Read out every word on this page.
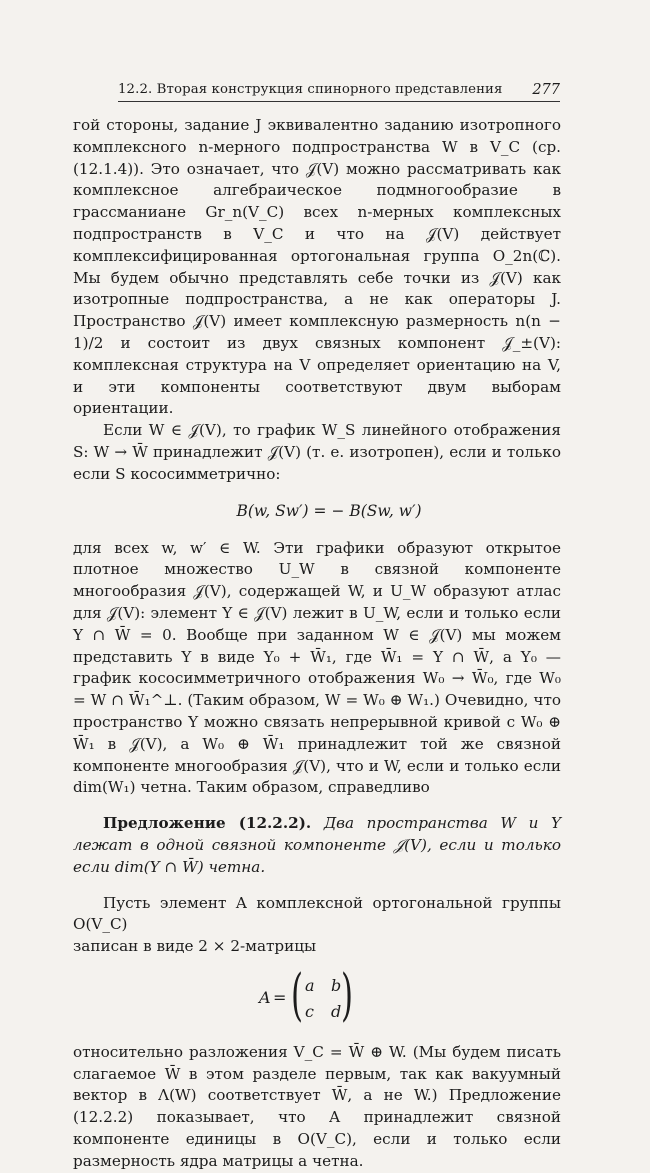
12.2. Вторая конструкция спинорного представления 277

гой стороны, задание J эквивалентно заданию изотропного комплексного n-мерного подпространства W в V_C (ср. (12.1.4)). Это означает, что 𝒥(V) можно рассматривать как комплексное алгебраическое подмногообразие в грассманиане Gr_n(V_C) всех n-мерных комплексных подпространств в V_C и что на 𝒥(V) действует комплексифицированная ортогональная группа O_2n(ℂ). Мы будем обычно представлять себе точки из 𝒥(V) как изотропные подпространства, а не как операторы J. Пространство 𝒥(V) имеет комплексную размерность n(n − 1)/2 и состоит из двух связных компонент 𝒥_±(V): комплексная структура на V определяет ориентацию на V, и эти компоненты соответствуют двум выборам ориентации.

Если W ∈ 𝒥(V), то график W_S линейного отображения S: W → W̄ принадлежит 𝒥(V) (т. е. изотропен), если и только если S кососимметрично:

B(w, Sw′) = − B(Sw, w′)

для всех w, w′ ∈ W. Эти графики образуют открытое плотное множество U_W в связной компоненте многообразия 𝒥(V), содержащей W, и U_W образуют атлас для 𝒥(V): элемент Y ∈ 𝒥(V) лежит в U_W, если и только если Y ∩ W̄ = 0. Вообще при заданном W ∈ 𝒥(V) мы можем представить Y в виде Y₀ + W̄₁, где W̄₁ = Y ∩ W̄, а Y₀ — график кососимметричного отображения W₀ → W̄₀, где W₀ = W ∩ W̄₁^⊥. (Таким образом, W = W₀ ⊕ W₁.) Очевидно, что пространство Y можно связать непрерывной кривой с W₀ ⊕ W̄₁ в 𝒥(V), а W₀ ⊕ W̄₁ принадлежит той же связной компоненте многообразия 𝒥(V), что и W, если и только если dim(W₁) четна. Таким образом, справедливо

Предложение (12.2.2). Два пространства W и Y лежат в одной связной компоненте 𝒥(V), если и только если dim(Y ∩ W̄) четна.

Пусть элемент A комплексной ортогональной группы O(V_C)

записан в виде 2 × 2-матрицы

A = ( a b
c d )

относительно разложения V_C = W̄ ⊕ W. (Мы будем писать слагаемое W̄ в этом разделе первым, так как вакуумный вектор в Λ(W) соответствует W̄, а не W.) Предложение (12.2.2) показывает, что A принадлежит связной компоненте единицы в O(V_C), если и только если размерность ядра матрицы a четна.
